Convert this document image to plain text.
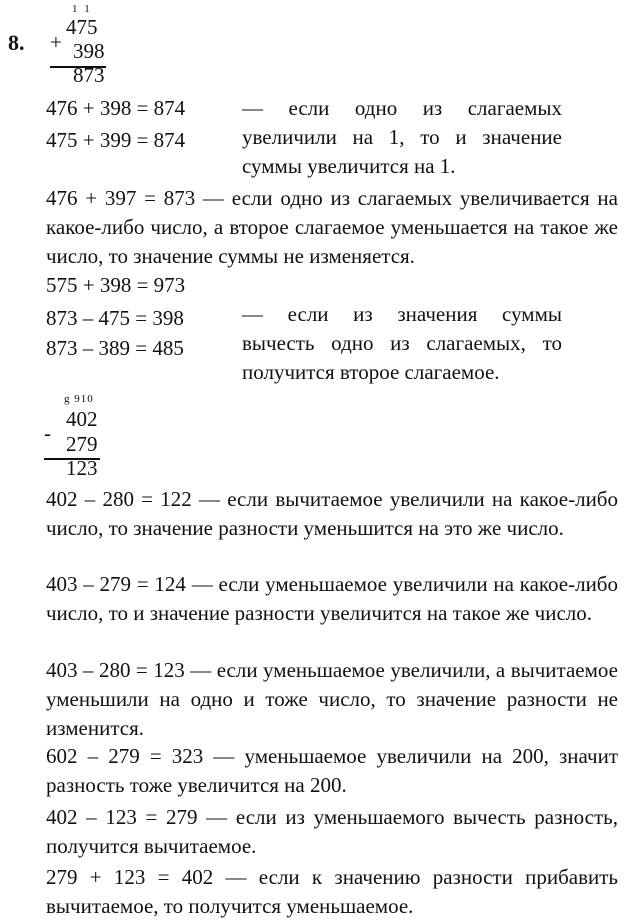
8.
1 1
+
475
398
873
476 + 398 = 874
475 + 399 = 874
— если одно из слагаемых увеличили на 1, то и значение суммы увеличится на 1.
476 + 397 = 873 — если одно из слагаемых увеличивается на какое-либо число, а второе слагаемое уменьшается на такое же число, то значение суммы не изменяется.
575 + 398 = 973
873 – 475 = 398
873 – 389 = 485
— если из значения суммы вычесть одно из слагаемых, то получится второе слагаемое.
g 910
402
- 279
123
402 – 280 = 122 — если вычитаемое увеличили на какое-либо число, то значение разности уменьшится на это же число.
403 – 279 = 124 — если уменьшаемое увеличили на какое-либо число, то и значение разности увеличится на такое же число.
403 – 280 = 123 — если уменьшаемое увеличили, а вычитаемое уменьшили на одно и тоже число, то значение разности не изменится.
602 – 279 = 323 — уменьшаемое увеличили на 200, значит разность тоже увеличится на 200.
402 – 123 = 279 — если из уменьшаемого вычесть разность, получится вычитаемое.
279 + 123 = 402 — если к значению разности прибавить вычитаемое, то получится уменьшаемое.
